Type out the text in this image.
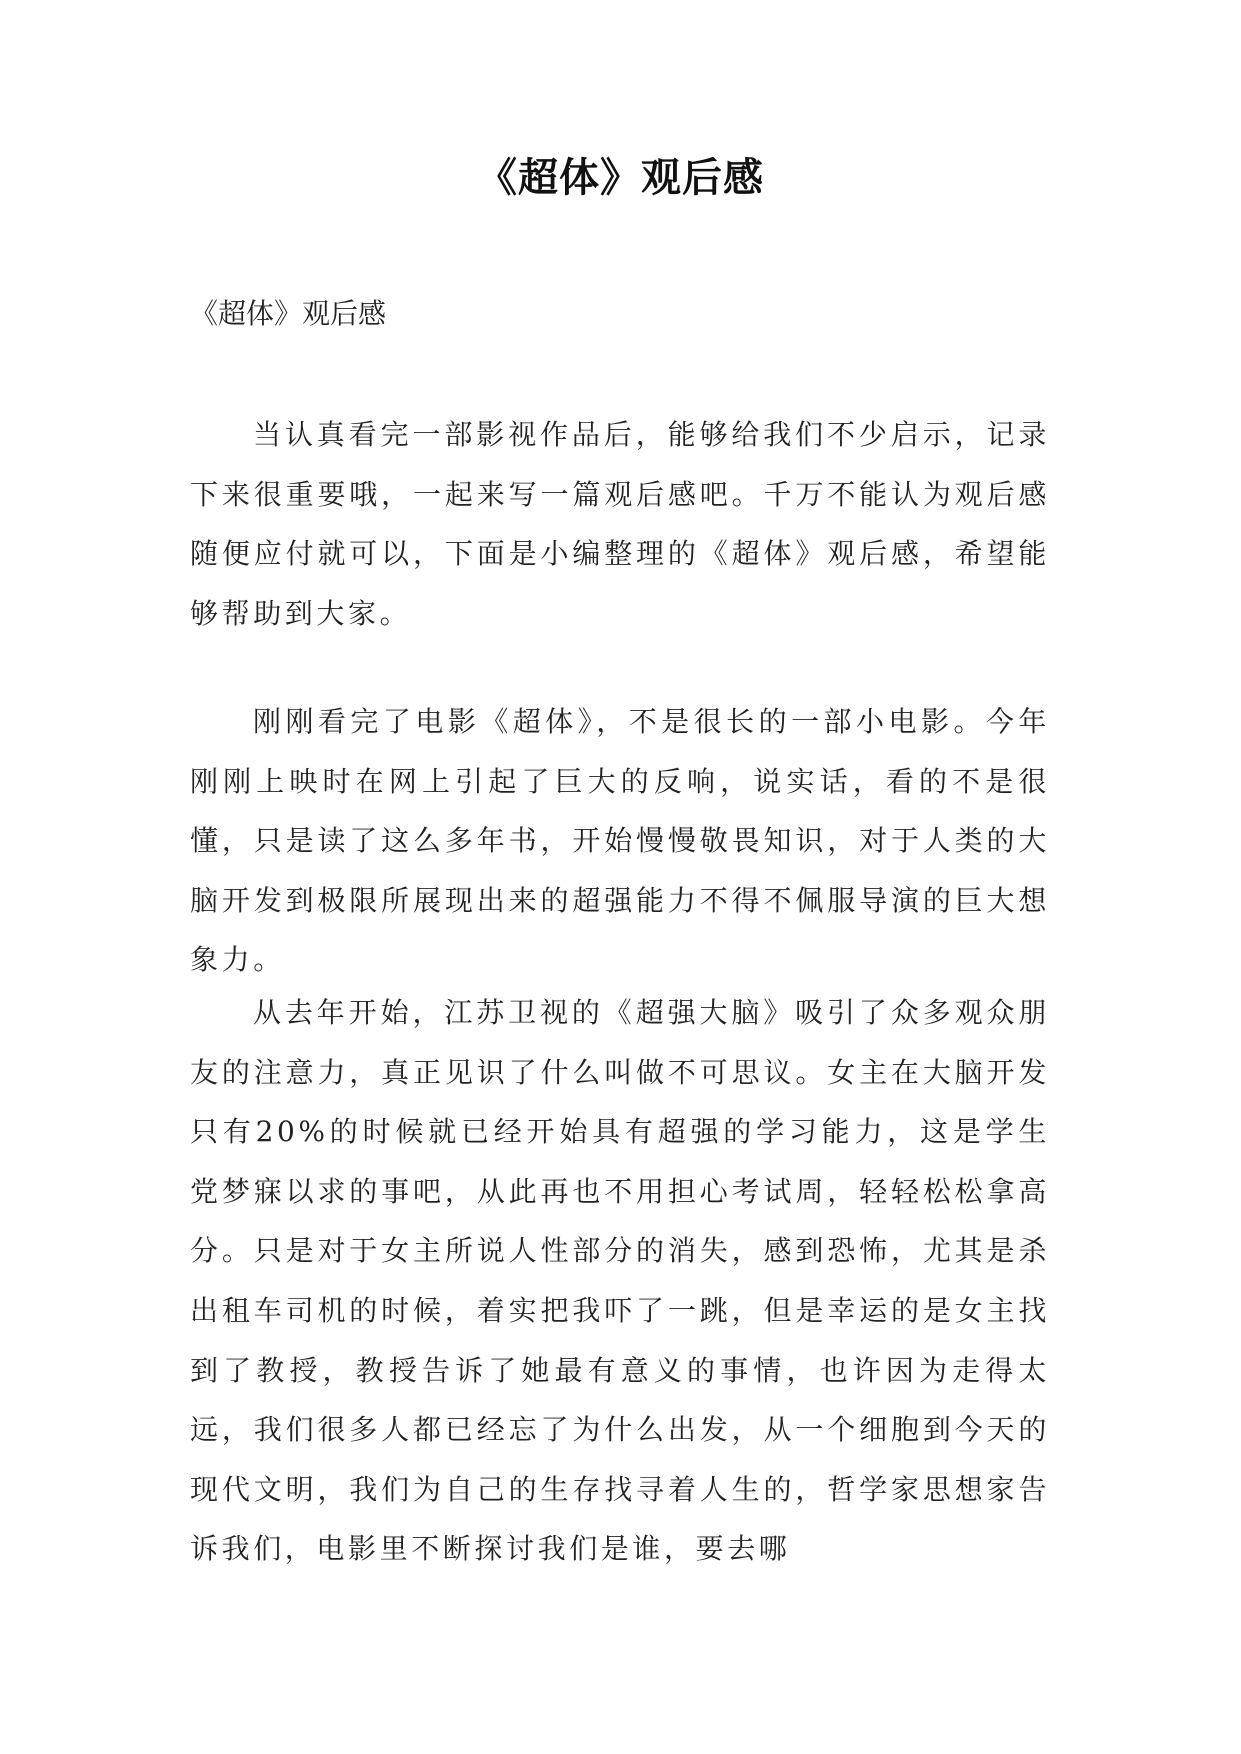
《超体》观后感

《超体》观后感

当认真看完一部影视作品后，能够给我们不少启示，记录下来很重要哦，一起来写一篇观后感吧。千万不能认为观后感随便应付就可以，下面是小编整理的《超体》观后感，希望能够帮助到大家。

刚刚看完了电影《超体》，不是很长的一部小电影。今年刚刚上映时在网上引起了巨大的反响，说实话，看的不是很懂，只是读了这么多年书，开始慢慢敬畏知识，对于人类的大脑开发到极限所展现出来的超强能力不得不佩服导演的巨大想象力。

从去年开始，江苏卫视的《超强大脑》吸引了众多观众朋友的注意力，真正见识了什么叫做不可思议。女主在大脑开发只有20%的时候就已经开始具有超强的学习能力，这是学生党梦寐以求的事吧，从此再也不用担心考试周，轻轻松松拿高分。只是对于女主所说人性部分的消失，感到恐怖，尤其是杀出租车司机的时候，着实把我吓了一跳，但是幸运的是女主找到了教授，教授告诉了她最有意义的事情，也许因为走得太远，我们很多人都已经忘了为什么出发，从一个细胞到今天的现代文明，我们为自己的生存找寻着人生的，哲学家思想家告诉我们，电影里不断探讨我们是谁，要去哪
